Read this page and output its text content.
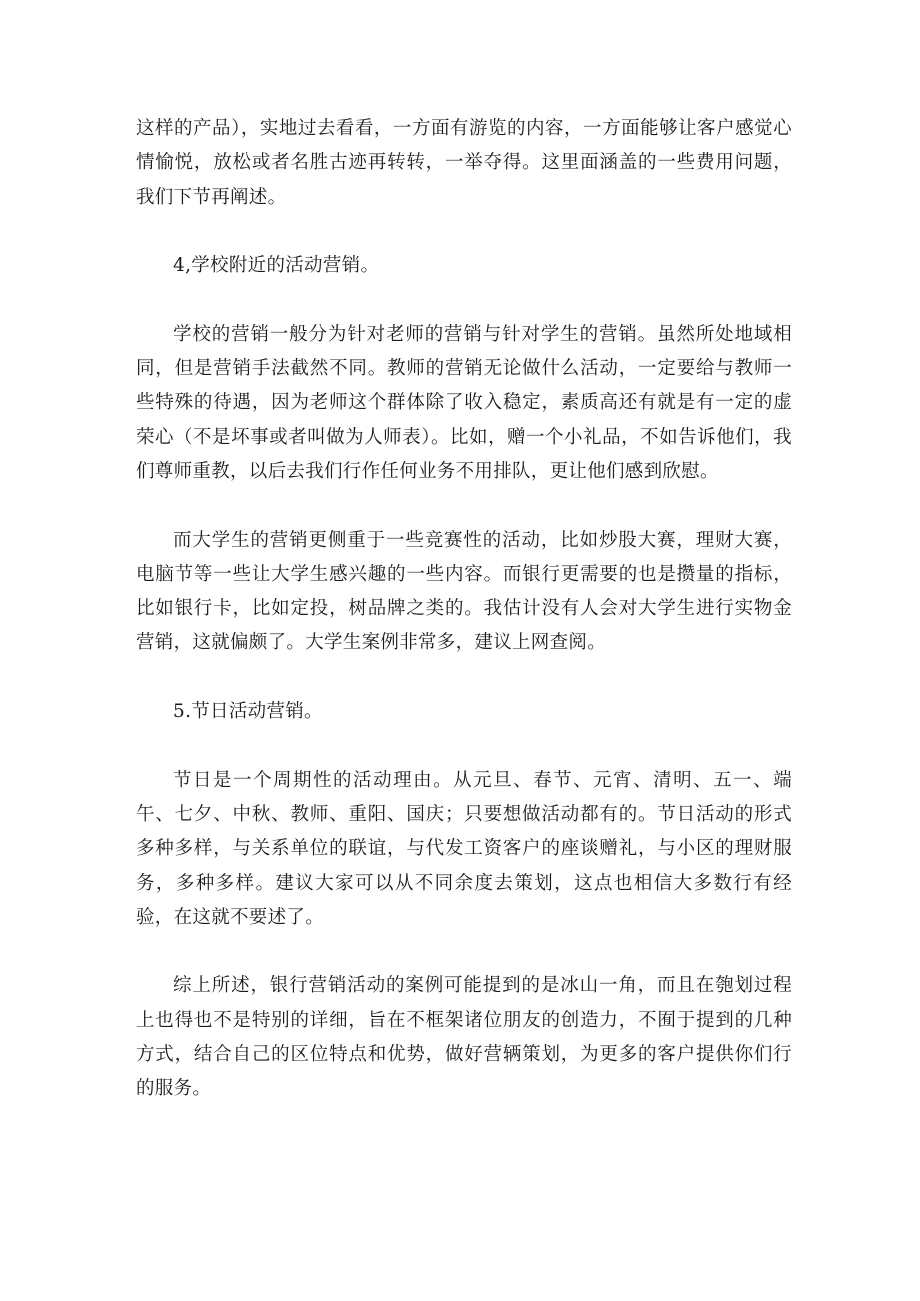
这样的产品），实地过去看看，一方面有游览的内容，一方面能够让客户感觉心情愉悦，放松或者名胜古迹再转转，一举夺得。这里面涵盖的一些费用问题，我们下节再阐述。

4,学校附近的活动营销。

学校的营销一般分为针对老师的营销与针对学生的营销。虽然所处地域相同，但是营销手法截然不同。教师的营销无论做什么活动，一定要给与教师一些特殊的待遇，因为老师这个群体除了收入稳定，素质高还有就是有一定的虚荣心（不是坏事或者叫做为人师表）。比如，赠一个小礼品，不如告诉他们，我们尊师重教，以后去我们行作任何业务不用排队，更让他们感到欣慰。

而大学生的营销更侧重于一些竞赛性的活动，比如炒股大赛，理财大赛，电脑节等一些让大学生感兴趣的一些内容。而银行更需要的也是攒量的指标，比如银行卡，比如定投，树品牌之类的。我估计没有人会对大学生进行实物金营销，这就偏颇了。大学生案例非常多，建议上网查阅。

5.节日活动营销。

节日是一个周期性的活动理由。从元旦、春节、元宵、清明、五一、端午、七夕、中秋、教师、重阳、国庆；只要想做活动都有的。节日活动的形式多种多样，与关系单位的联谊，与代发工资客户的座谈赠礼，与小区的理财服务，多种多样。建议大家可以从不同余度去策划，这点也相信大多数行有经验，在这就不要述了。

综上所述，银行营销活动的案例可能提到的是冰山一角，而且在匏划过程上也得也不是特别的详细，旨在不框架诸位朋友的创造力，不囿于提到的几种方式，结合自己的区位特点和优势，做好营辆策划，为更多的客户提供你们行的服务。
